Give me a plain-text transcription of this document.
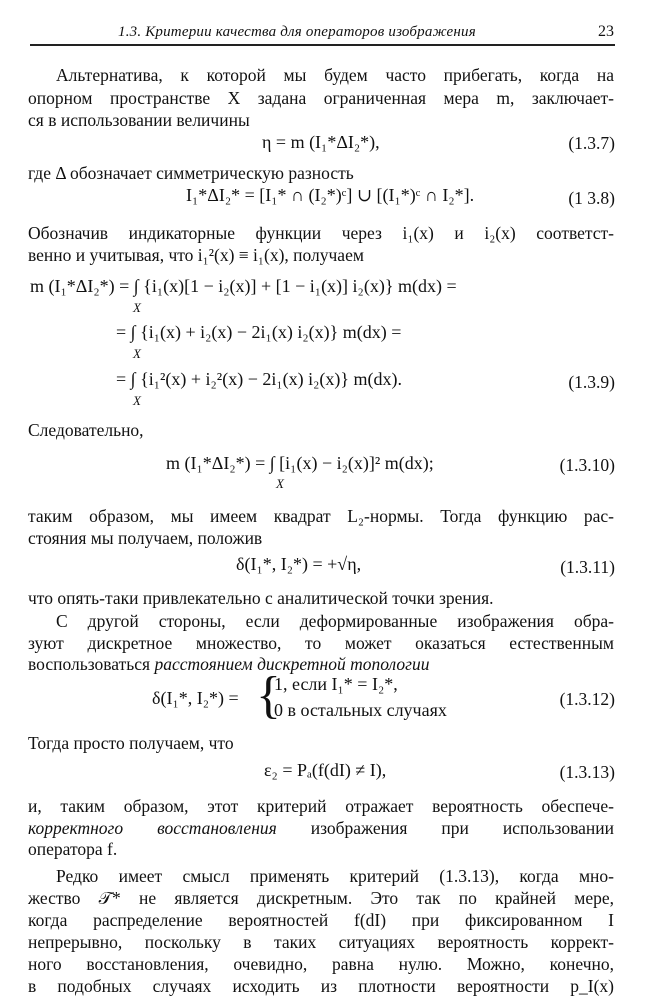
1.3. Критерии качества для операторов изображения	23
Альтернатива, к которой мы будем часто прибегать, когда на
опорном пространстве X задана ограниченная мера m, заключает-
ся в использовании величины
η = m (I₁*ΔI₂*),	(1.3.7)
где Δ обозначает симметрическую разность
I₁*ΔI₂* = [I₁* ∩ (I₂*)ᶜ] ∪ [(I₁*)ᶜ ∩ I₂*].	(1 3.8)
Обозначив индикаторные функции через i₁(x) и i₂(x) соответст-
венно и учитывая, что i₁²(x) ≡ i₁(x), получаем
m (I₁*ΔI₂*) = ∫ {i₁(x)[1 − i₂(x)] + [1 − i₁(x)] i₂(x)} m(dx) =
X
= ∫ {i₁(x) + i₂(x) − 2i₁(x) i₂(x)} m(dx) =
X
= ∫ {i₁²(x) + i₂²(x) − 2i₁(x) i₂(x)} m(dx).
X
(1.3.9)
Следовательно,
m (I₁*ΔI₂*) = ∫ [i₁(x) − i₂(x)]² m(dx);
X
(1.3.10)
таким образом, мы имеем квадрат L₂-нормы. Тогда функцию рас-
стояния мы получаем, положив
δ(I₁*, I₂*) = +√η,	(1.3.11)
что опять-таки привлекательно с аналитической точки зрения.
С другой стороны, если деформированные изображения обра-
зуют дискретное множество, то может оказаться естественным
воспользоваться расстоянием дискретной топологии
δ(I₁*, I₂*) = {
1, если I₁* = I₂*,
0 в остальных случаях
(1.3.12)
Тогда просто получаем, что
ε₂ = Pₐ(f(dI) ≠ I),	(1.3.13)
и, таким образом, этот критерий отражает вероятность обеспече-
корректного восстановления изображения при использовании
оператора f.
Редко имеет смысл применять критерий (1.3.13), когда мно-
жество 𝒯* не является дискретным. Это так по крайней мере,
когда распределение вероятностей f(dI) при фиксированном I
непрерывно, поскольку в таких ситуациях вероятность коррект-
ного восстановления, очевидно, равна нулю. Можно, конечно,
в подобных случаях исходить из плотности вероятности p_I(x)
